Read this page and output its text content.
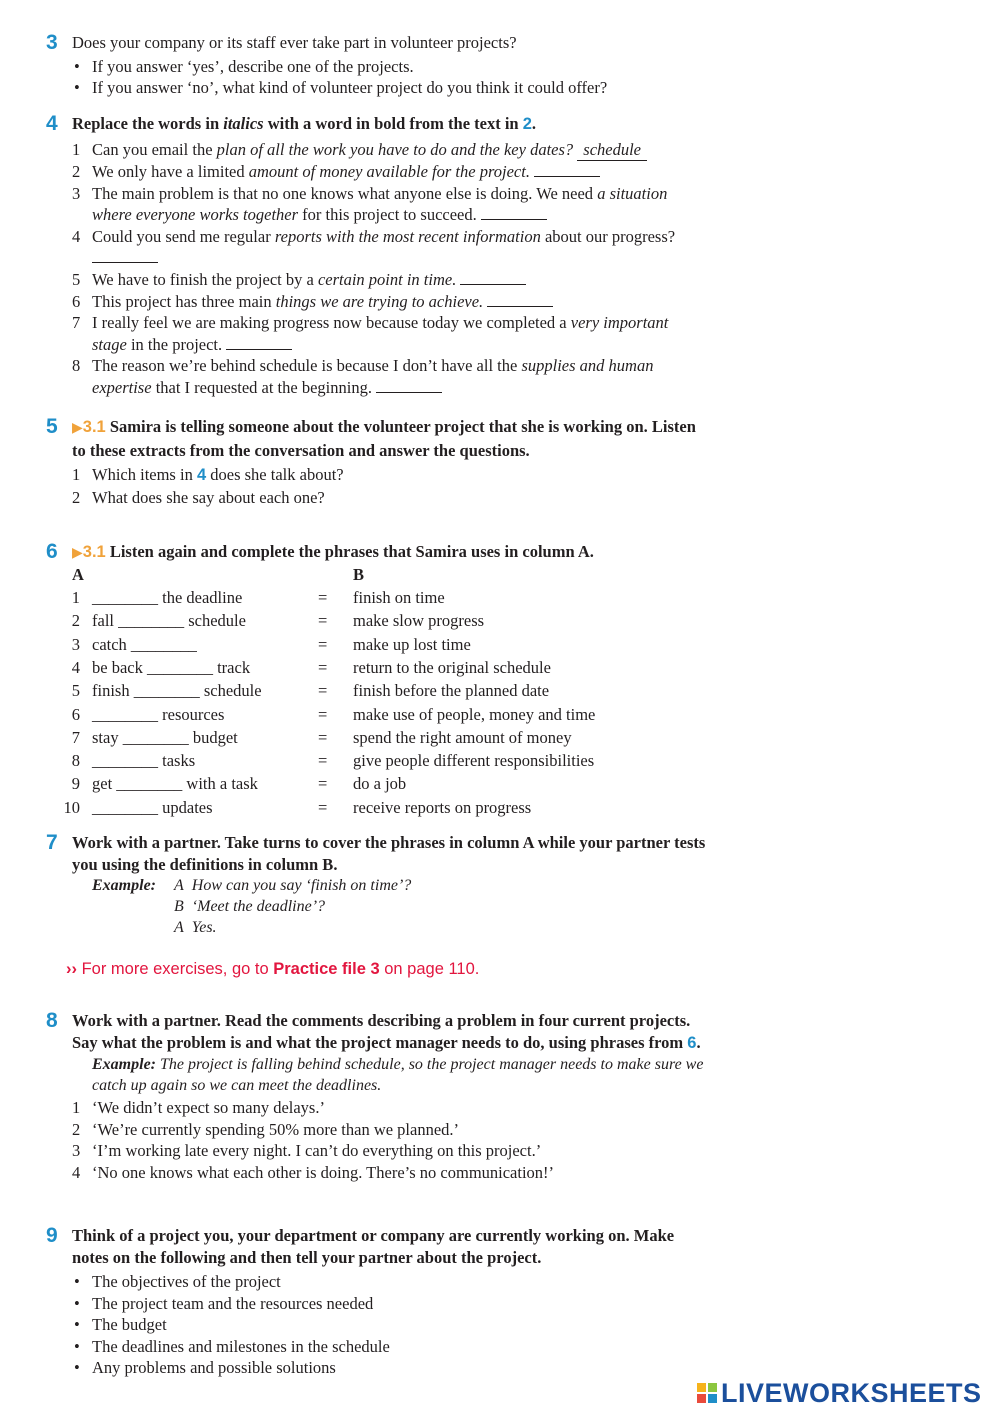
3 Does your company or its staff ever take part in volunteer projects?
• If you answer ‘yes’, describe one of the projects.
• If you answer ‘no’, what kind of volunteer project do you think it could offer?
4 Replace the words in italics with a word in bold from the text in 2.
1 Can you email the plan of all the work you have to do and the key dates? schedule
2 We only have a limited amount of money available for the project.
3 The main problem is that no one knows what anyone else is doing. We need a situation where everyone works together for this project to succeed.
4 Could you send me regular reports with the most recent information about our progress?
5 We have to finish the project by a certain point in time.
6 This project has three main things we are trying to achieve.
7 I really feel we are making progress now because today we completed a very important stage in the project.
8 The reason we’re behind schedule is because I don’t have all the supplies and human expertise that I requested at the beginning.
5 ▶3.1 Samira is telling someone about the volunteer project that she is working on. Listen to these extracts from the conversation and answer the questions.
1 Which items in 4 does she talk about?
2 What does she say about each one?
6 ▶3.1 Listen again and complete the phrases that Samira uses in column A.
A	B
1 ________ the deadline	= finish on time
2 fall ________ schedule	= make slow progress
3 catch ________	= make up lost time
4 be back ________ track	= return to the original schedule
5 finish ________ schedule	= finish before the planned date
6 ________ resources	= make use of people, money and time
7 stay ________ budget	= spend the right amount of money
8 ________ tasks	= give people different responsibilities
9 get ________ with a task	= do a job
10 ________ updates	= receive reports on progress
7 Work with a partner. Take turns to cover the phrases in column A while your partner tests you using the definitions in column B.
Example: A How can you say ‘finish on time’?
B ‘Meet the deadline’?
A Yes.
›› For more exercises, go to Practice file 3 on page 110.
8 Work with a partner. Read the comments describing a problem in four current projects. Say what the problem is and what the project manager needs to do, using phrases from 6.
Example: The project is falling behind schedule, so the project manager needs to make sure we catch up again so we can meet the deadlines.
1 ‘We didn’t expect so many delays.’
2 ‘We’re currently spending 50% more than we planned.’
3 ‘I’m working late every night. I can’t do everything on this project.’
4 ‘No one knows what each other is doing. There’s no communication!’
9 Think of a project you, your department or company are currently working on. Make notes on the following and then tell your partner about the project.
• The objectives of the project
• The project team and the resources needed
• The budget
• The deadlines and milestones in the schedule
• Any problems and possible solutions
LIVEWORKSHEETS
